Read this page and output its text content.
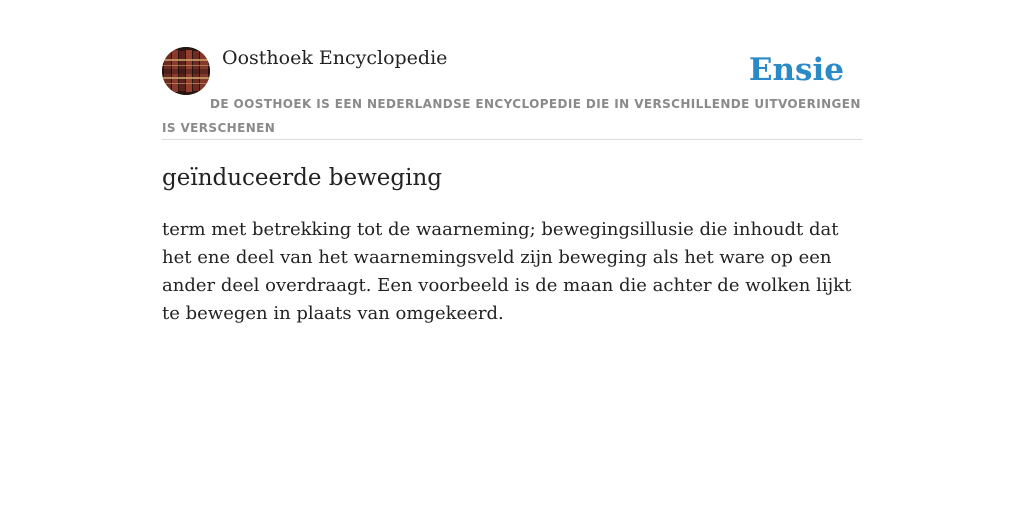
Oosthoek Encyclopedie	Ensie
DE OOSTHOEK IS EEN NEDERLANDSE ENCYCLOPEDIE DIE IN VERSCHILLENDE UITVOERINGEN IS VERSCHENEN
geïnduceerde beweging

term met betrekking tot de waarneming; bewegingsillusie die inhoudt dat het ene deel van het waarnemingsveld zijn beweging als het ware op een ander deel overdraagt. Een voorbeeld is de maan die achter de wolken lijkt te bewegen in plaats van omgekeerd.
